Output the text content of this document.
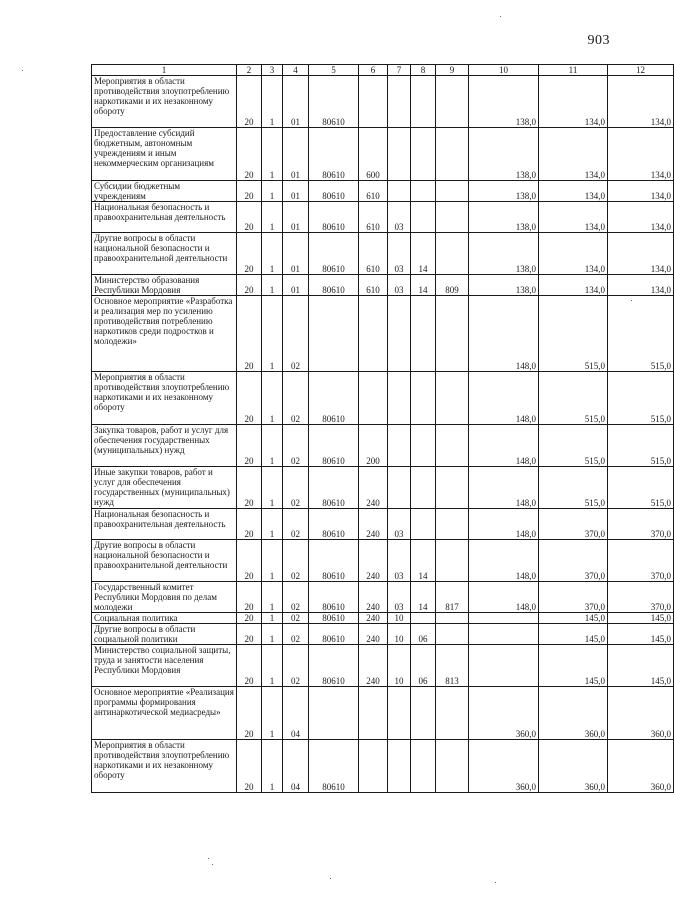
903
1	2	3	4	5	6	7	8	9	10	11	12
Мероприятия в области противодействия злоупотреблению наркотиками и их незаконному обороту	20	1	01	80610					138,0	134,0	134,0
Предоставление субсидий бюджетным, автономным учреждениям и иным некоммерческим организациям	20	1	01	80610	600				138,0	134,0	134,0
Субсидии бюджетным учреждениям	20	1	01	80610	610				138,0	134,0	134,0
Национальная безопасность и правоохранительная деятельность	20	1	01	80610	610	03			138,0	134,0	134,0
Другие вопросы в области национальной безопасности и правоохранительной деятельности	20	1	01	80610	610	03	14		138,0	134,0	134,0
Министерство образования Республики Мордовия	20	1	01	80610	610	03	14	809	138,0	134,0	134,0
Основное мероприятие «Разработка и реализация мер по усилению противодействия потреблению наркотиков среди подростков и молодежи»	20	1	02						148,0	515,0	515,0
Мероприятия в области противодействия злоупотреблению наркотиками и их незаконному обороту	20	1	02	80610					148,0	515,0	515,0
Закупка товаров, работ и услуг для обеспечения государственных (муниципальных) нужд	20	1	02	80610	200				148,0	515,0	515,0
Иные закупки товаров, работ и услуг для обеспечения государственных (муниципальных) нужд	20	1	02	80610	240				148,0	515,0	515,0
Национальная безопасность и правоохранительная деятельность	20	1	02	80610	240	03			148,0	370,0	370,0
Другие вопросы в области национальной безопасности и правоохранительной деятельности	20	1	02	80610	240	03	14		148,0	370,0	370,0
Государственный комитет Республики Мордовия по делам молодежи	20	1	02	80610	240	03	14	817	148,0	370,0	370,0
Социальная политика	20	1	02	80610	240	10				145,0	145,0
Другие вопросы в области социальной политики	20	1	02	80610	240	10	06			145,0	145,0
Министерство социальной защиты, труда и занятости населения Республики Мордовия	20	1	02	80610	240	10	06	813		145,0	145,0
Основное мероприятие «Реализация программы формирования антинаркотической медиасреды»	20	1	04						360,0	360,0	360,0
Мероприятия в области противодействия злоупотреблению наркотиками и их незаконному обороту	20	1	04	80610					360,0	360,0	360,0
